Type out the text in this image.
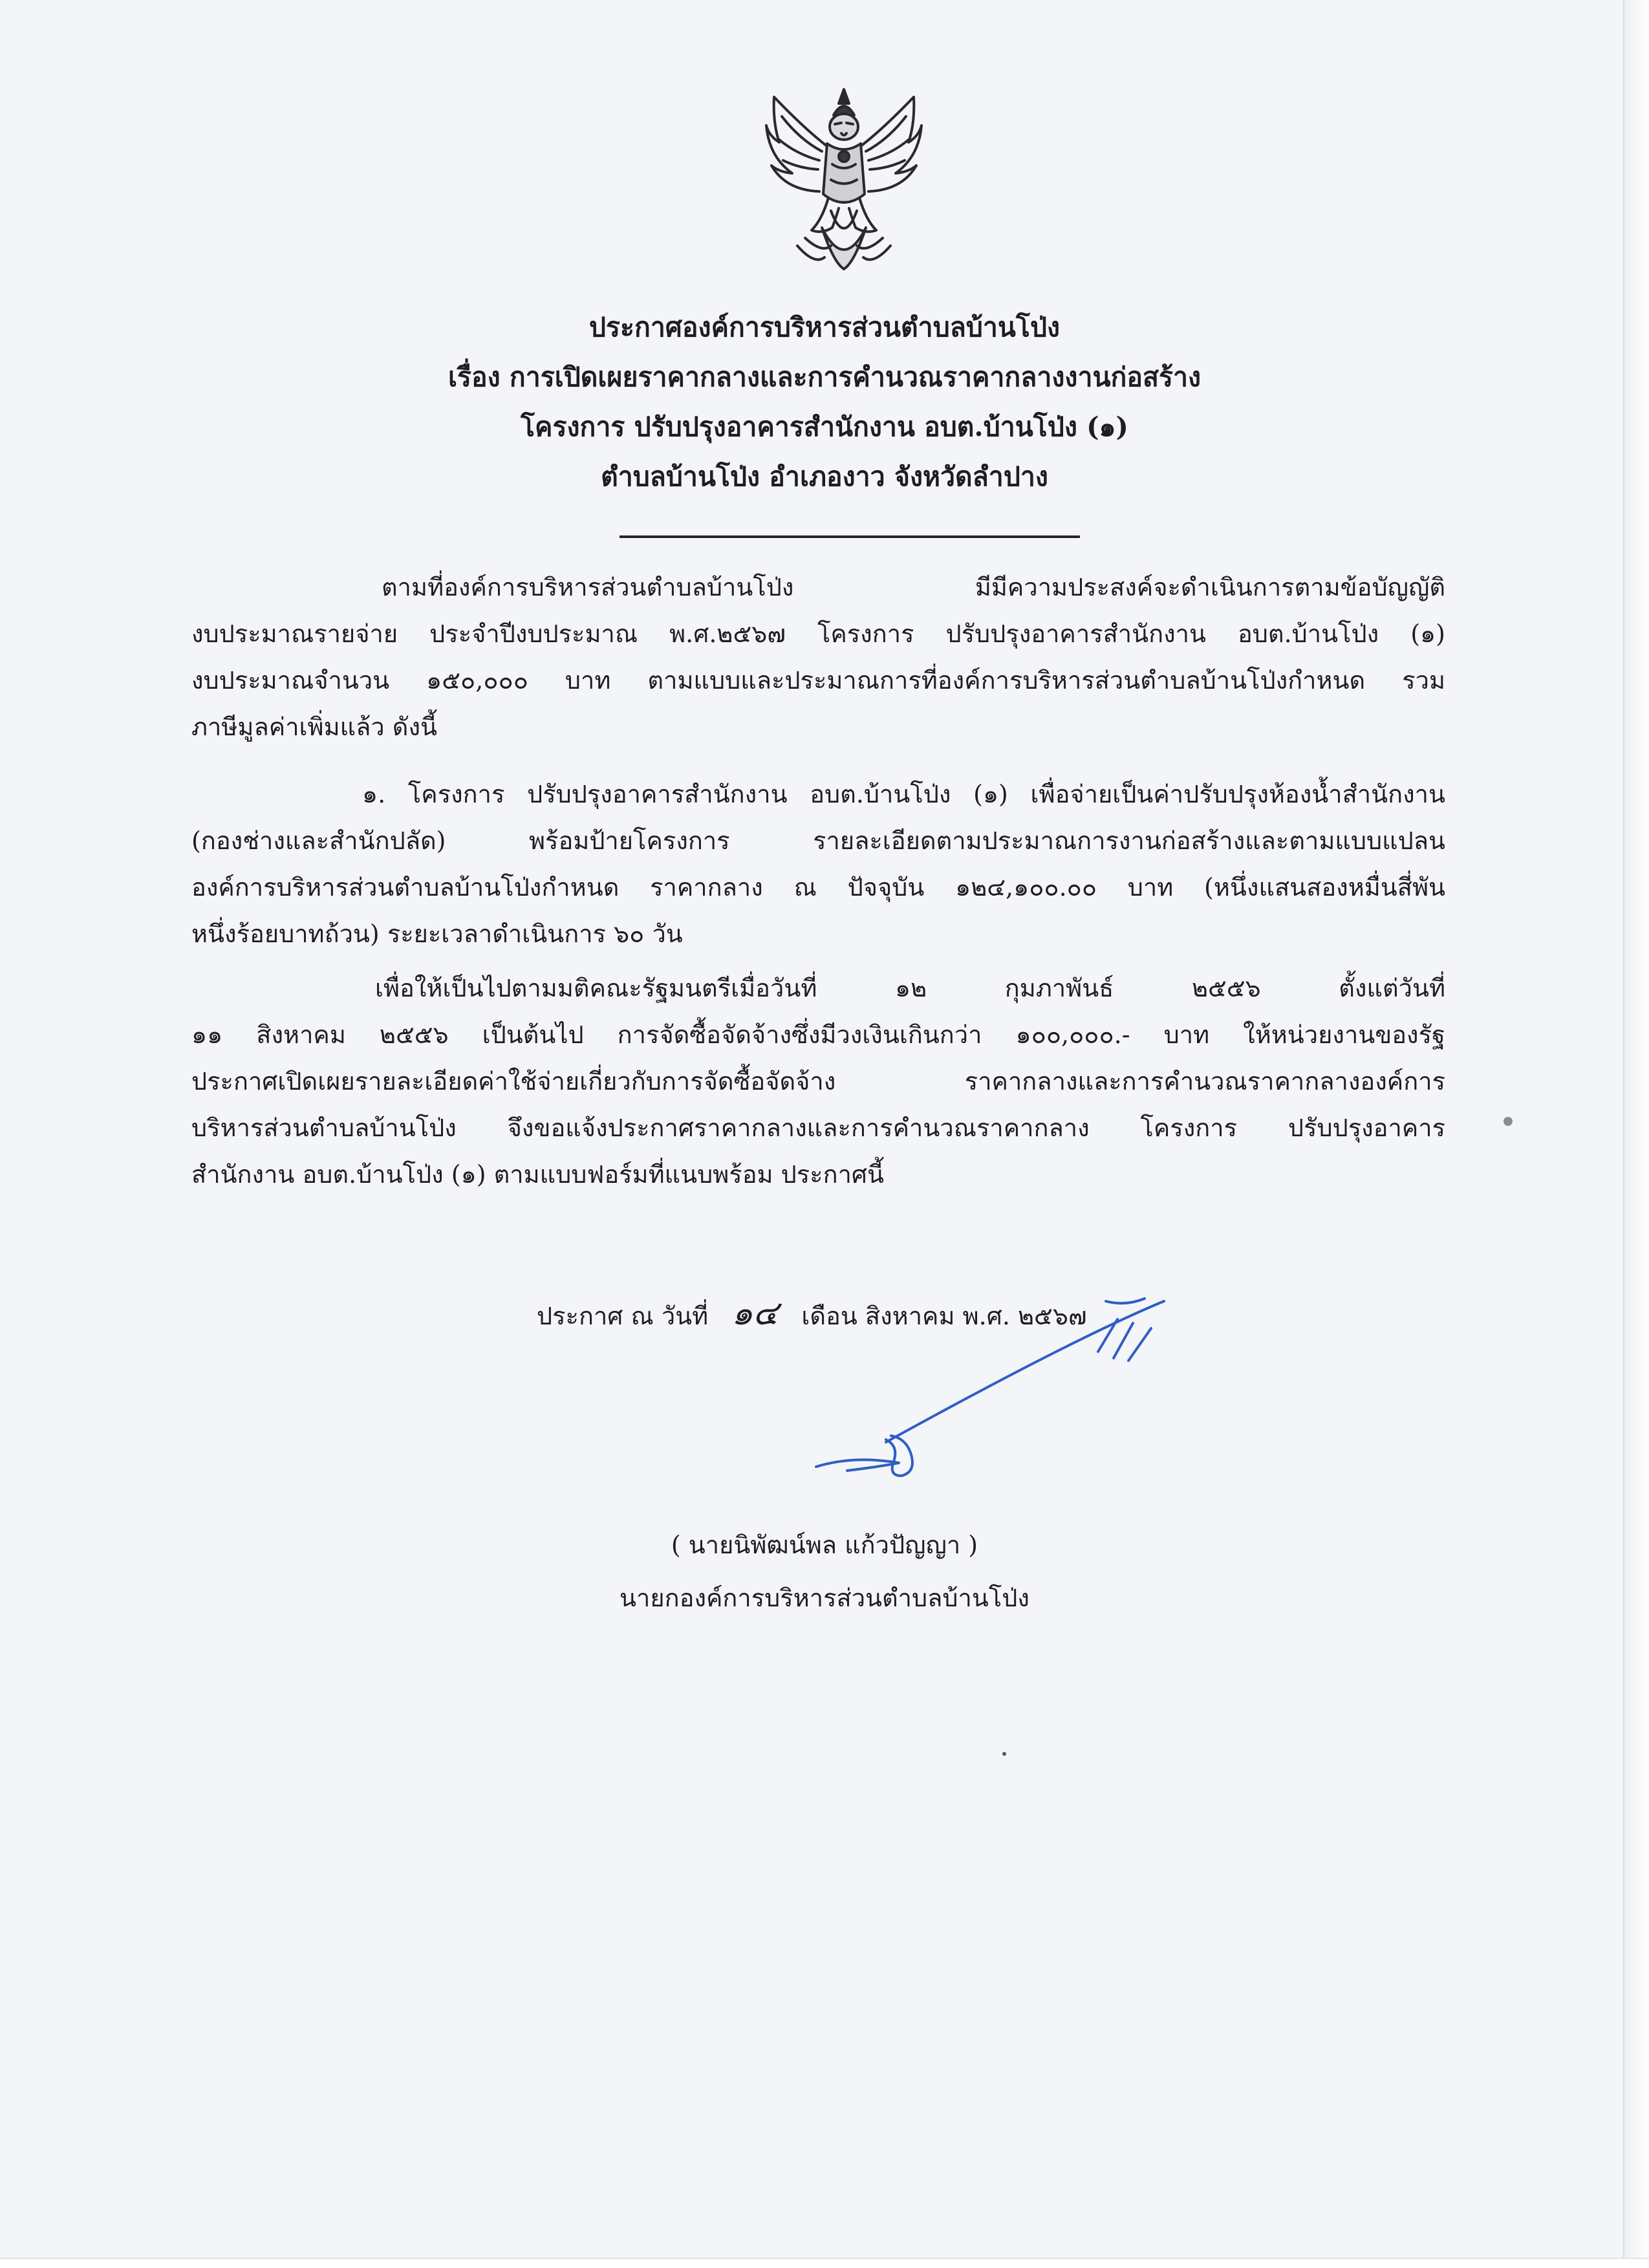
ประกาศองค์การบริหารส่วนตำบลบ้านโป่ง
เรื่อง การเปิดเผยราคากลางและการคำนวณราคากลางงานก่อสร้าง
โครงการ ปรับปรุงอาคารสำนักงาน อบต.บ้านโป่ง (๑)
ตำบลบ้านโป่ง อำเภองาว จังหวัดลำปาง
ตามที่องค์การบริหารส่วนตำบลบ้านโป่ง มีมีความประสงค์จะดำเนินการตามข้อบัญญัติ
งบประมาณรายจ่าย ประจำปีงบประมาณ พ.ศ.๒๕๖๗ โครงการ ปรับปรุงอาคารสำนักงาน อบต.บ้านโป่ง (๑)
งบประมาณจำนวน ๑๕๐,๐๐๐ บาท ตามแบบและประมาณการที่องค์การบริหารส่วนตำบลบ้านโป่งกำหนด รวม
ภาษีมูลค่าเพิ่มแล้ว ดังนี้
๑. โครงการ ปรับปรุงอาคารสำนักงาน อบต.บ้านโป่ง (๑) เพื่อจ่ายเป็นค่าปรับปรุงห้องน้ำสำนักงาน
(กองช่างและสำนักปลัด) พร้อมป้ายโครงการ รายละเอียดตามประมาณการงานก่อสร้างและตามแบบแปลน
องค์การบริหารส่วนตำบลบ้านโป่งกำหนด ราคากลาง ณ ปัจจุบัน ๑๒๔,๑๐๐.๐๐ บาท (หนึ่งแสนสองหมื่นสี่พัน
หนึ่งร้อยบาทถ้วน) ระยะเวลาดำเนินการ ๖๐ วัน
เพื่อให้เป็นไปตามมติคณะรัฐมนตรีเมื่อวันที่ ๑๒ กุมภาพันธ์ ๒๕๕๖ ตั้งแต่วันที่
๑๑ สิงหาคม ๒๕๕๖ เป็นต้นไป การจัดซื้อจัดจ้างซึ่งมีวงเงินเกินกว่า ๑๐๐,๐๐๐.- บาท ให้หน่วยงานของรัฐ
ประกาศเปิดเผยรายละเอียดค่าใช้จ่ายเกี่ยวกับการจัดซื้อจัดจ้าง ราคากลางและการคำนวณราคากลางองค์การ
บริหารส่วนตำบลบ้านโป่ง จึงขอแจ้งประกาศราคากลางและการคำนวณราคากลาง โครงการ ปรับปรุงอาคาร
สำนักงาน อบต.บ้านโป่ง (๑) ตามแบบฟอร์มที่แนบพร้อม ประกาศนี้
ประกาศ ณ วันที่ ๑๔ เดือน สิงหาคม พ.ศ. ๒๕๖๗
( นายนิพัฒน์พล แก้วปัญญา )
นายกองค์การบริหารส่วนตำบลบ้านโป่ง
